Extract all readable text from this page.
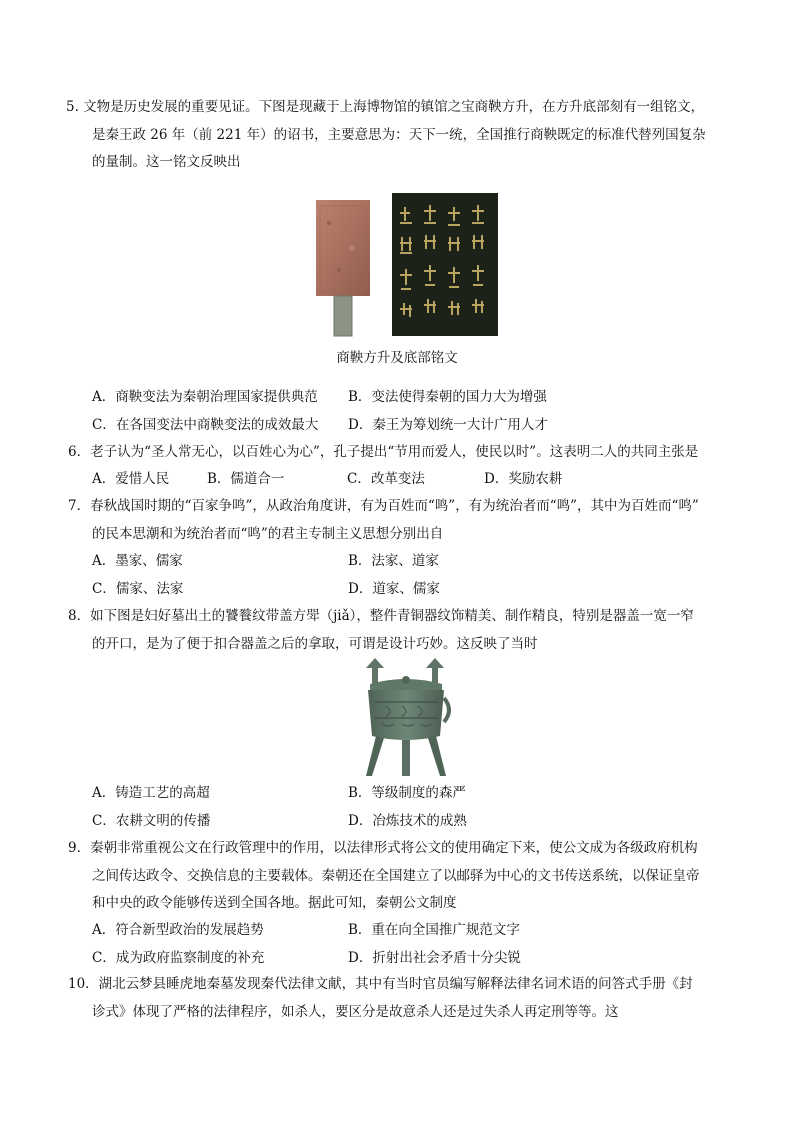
5. 文物是历史发展的重要见证。下图是现藏于上海博物馆的镇馆之宝商鞅方升，在方升底部刻有一组铭文，

是秦王政 26 年（前 221 年）的诏书，主要意思为：天下一统，全国推行商鞅既定的标准代替列国复杂

的量制。这一铭文反映出

商鞅方升及底部铭文
A．商鞅变法为秦朝治理国家提供典范	B．变法使得秦朝的国力大为增强
C．在各国变法中商鞅变法的成效最大	D．秦王为筹划统一大计广用人才

6．老子认为“圣人常无心，以百姓心为心”，孔子提出“节用而爱人，使民以时”。这表明二人的共同主张是

A．爱惜人民	B．儒道合一	C．改革变法	D．奖励农耕

7．春秋战国时期的“百家争鸣”，从政治角度讲，有为百姓而“鸣”，有为统治者而“鸣”，其中为百姓而“鸣”

的民本思潮和为统治者而“鸣”的君主专制主义思想分别出自

A．墨家、儒家	B．法家、道家
C．儒家、法家	D．道家、儒家

8．如下图是妇好墓出土的饕餮纹带盖方斝（jiǎ），整件青铜器纹饰精美、制作精良，特别是器盖一宽一窄

的开口，是为了便于扣合器盖之后的拿取，可谓是设计巧妙。这反映了当时

A．铸造工艺的高超	B．等级制度的森严
C．农耕文明的传播	D．冶炼技术的成熟

9．秦朝非常重视公文在行政管理中的作用，以法律形式将公文的使用确定下来，使公文成为各级政府机构

之间传达政令、交换信息的主要载体。秦朝还在全国建立了以邮驿为中心的文书传送系统，以保证皇帝

和中央的政令能够传送到全国各地。据此可知，秦朝公文制度

A．符合新型政治的发展趋势	B．重在向全国推广规范文字
C．成为政府监察制度的补充	D．折射出社会矛盾十分尖锐

10．湖北云梦县睡虎地秦墓发现秦代法律文献，其中有当时官员编写解释法律名词术语的问答式手册《封

诊式》体现了严格的法律程序，如杀人，要区分是故意杀人还是过失杀人再定刑等等。这
